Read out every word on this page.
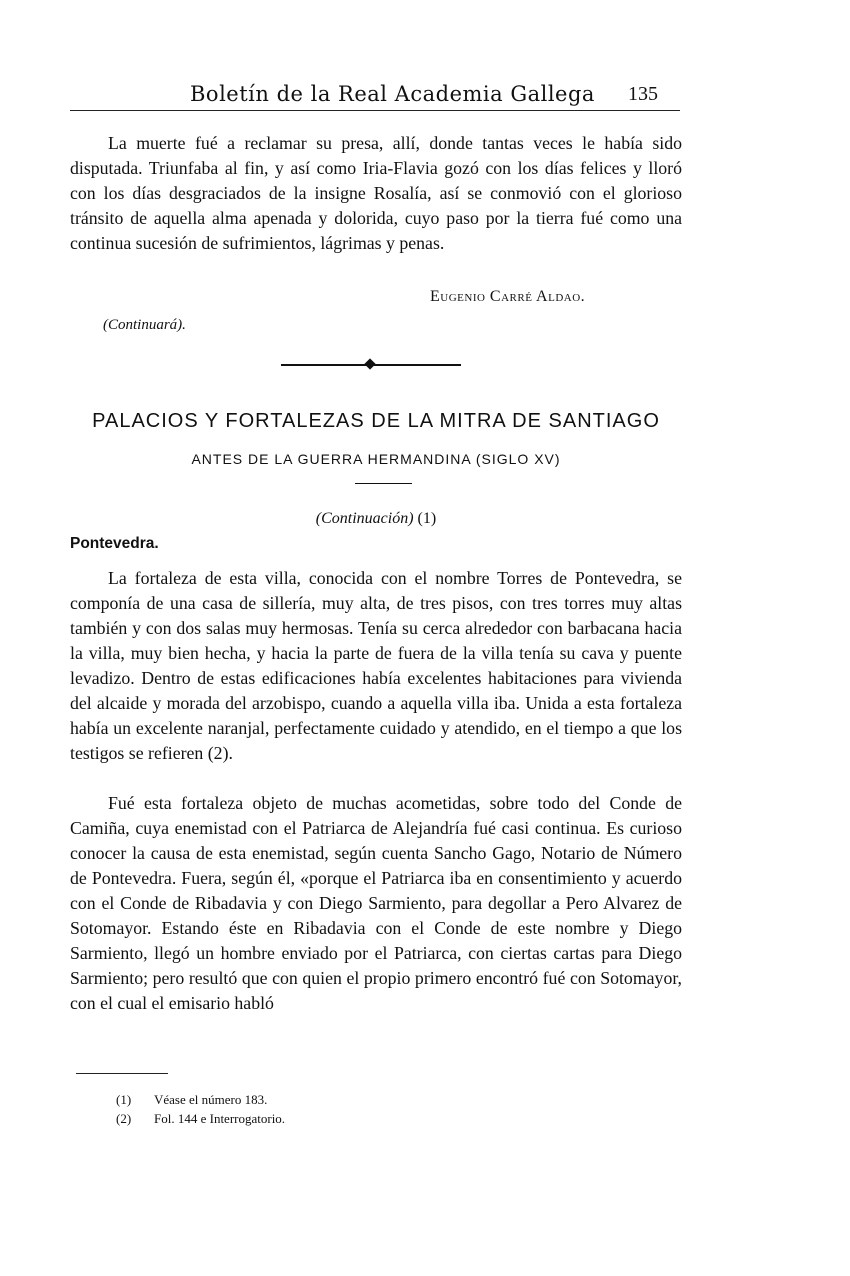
Boletín de la Real Academia Gallega 135

La muerte fué a reclamar su presa, allí, donde tantas veces le había sido disputada. Triunfaba al fin, y así como Iria-Flavia gozó con los días felices y lloró con los días desgraciados de la insigne Rosalía, así se conmovió con el glorioso tránsito de aquella alma apenada y dolorida, cuyo paso por la tierra fué como una continua sucesión de sufrimientos, lágrimas y penas.

Eugenio Carré Aldao.
(Continuará).
PALACIOS Y FORTALEZAS DE LA MITRA DE SANTIAGO
ANTES DE LA GUERRA HERMANDINA (SIGLO XV)
(Continuación) (1)
Pontevedra.

La fortaleza de esta villa, conocida con el nombre Torres de Pontevedra, se componía de una casa de sillería, muy alta, de tres pisos, con tres torres muy altas también y con dos salas muy hermosas. Tenía su cerca alrededor con barbacana hacia la villa, muy bien hecha, y hacia la parte de fuera de la villa tenía su cava y puente levadizo. Dentro de estas edificaciones había excelentes habitaciones para vivienda del alcaide y morada del arzobispo, cuando a aquella villa iba. Unida a esta fortaleza había un excelente naranjal, perfectamente cuidado y atendido, en el tiempo a que los testigos se refieren (2).

Fué esta fortaleza objeto de muchas acometidas, sobre todo del Conde de Camiña, cuya enemistad con el Patriarca de Alejandría fué casi continua. Es curioso conocer la causa de esta enemistad, según cuenta Sancho Gago, Notario de Número de Pontevedra. Fuera, según él, «porque el Patriarca iba en consentimiento y acuerdo con el Conde de Ribadavia y con Diego Sarmiento, para degollar a Pero Alvarez de Sotomayor. Estando éste en Ribadavia con el Conde de este nombre y Diego Sarmiento, llegó un hombre enviado por el Patriarca, con ciertas cartas para Diego Sarmiento; pero resultó que con quien el propio primero encontró fué con Sotomayor, con el cual el emisario habló

(1) Véase el número 183.
(2) Fol. 144 e Interrogatorio.
